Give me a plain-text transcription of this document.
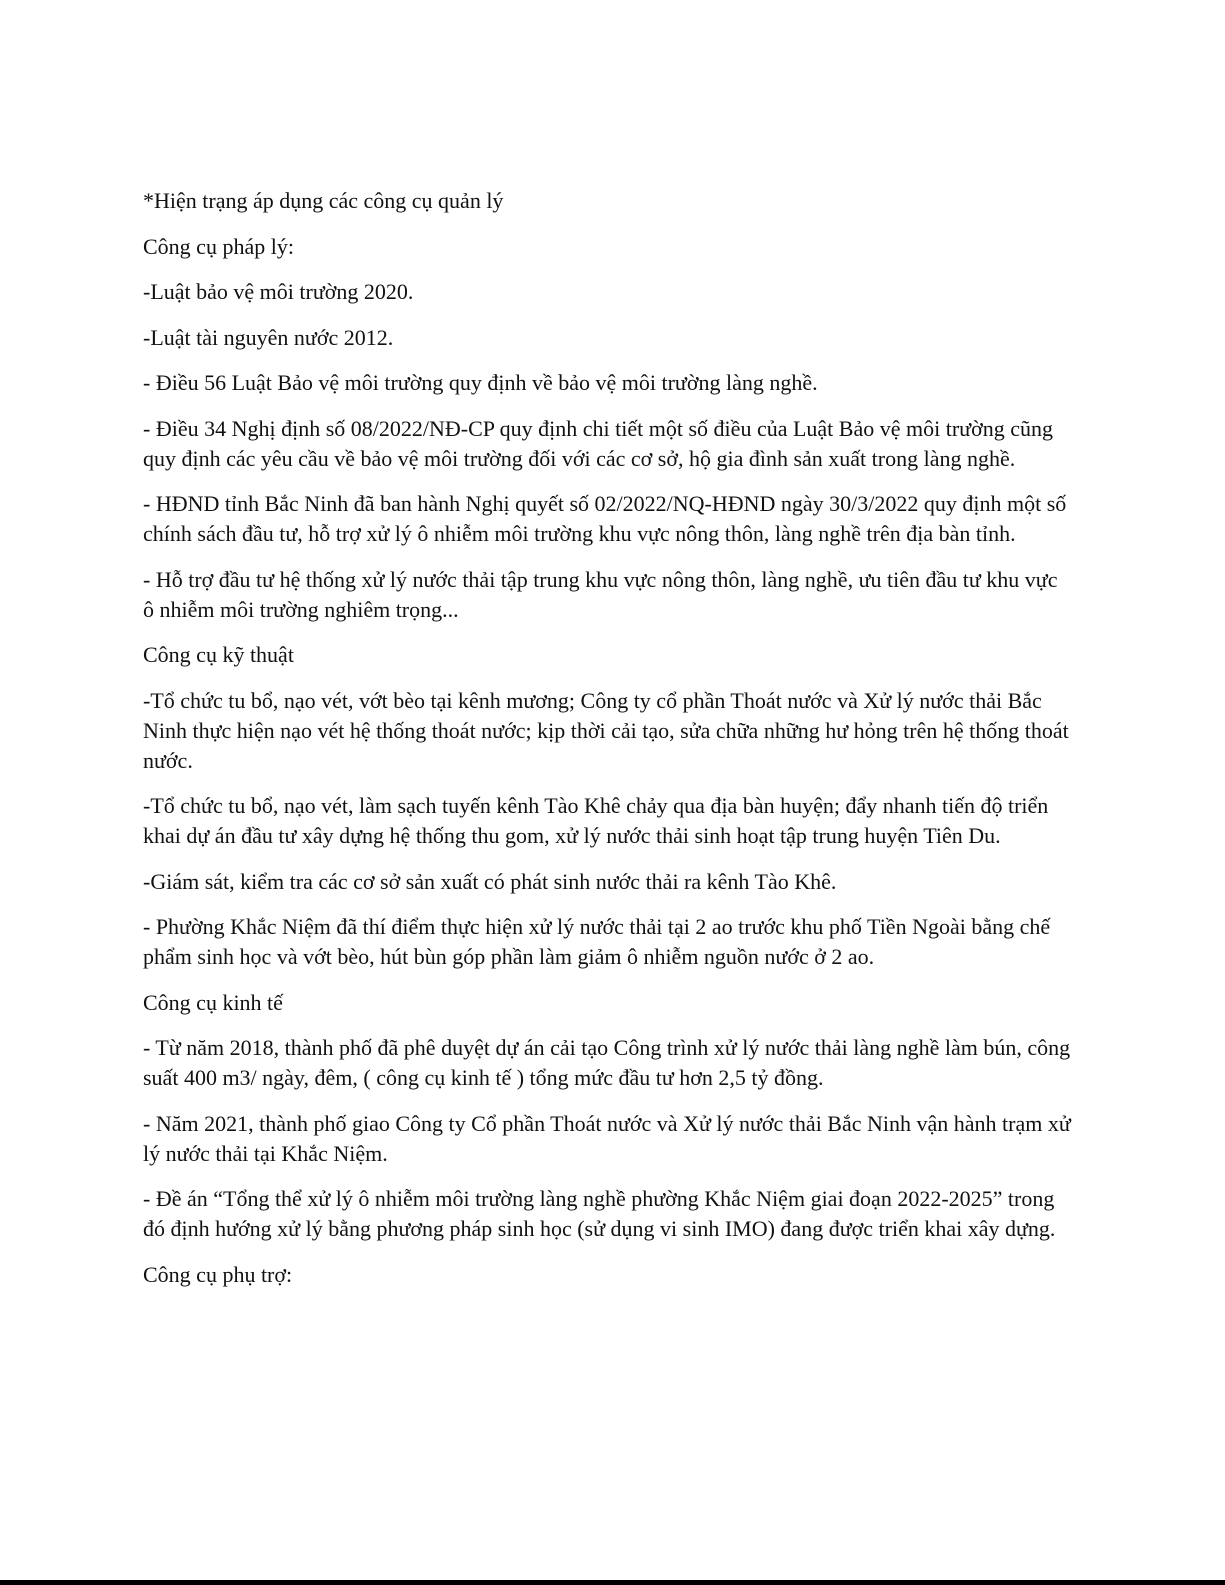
*Hiện trạng áp dụng các công cụ quản lý

Công cụ pháp lý:

-Luật bảo vệ môi trường 2020.

-Luật tài nguyên nước 2012.

- Điều 56 Luật Bảo vệ môi trường quy định về bảo vệ môi trường làng nghề.

- Điều 34 Nghị định số 08/2022/NĐ-CP quy định chi tiết một số điều của Luật Bảo vệ môi trường cũng quy định các yêu cầu về bảo vệ môi trường đối với các cơ sở, hộ gia đình sản xuất trong làng nghề.

- HĐND tỉnh Bắc Ninh đã ban hành Nghị quyết số 02/2022/NQ-HĐND ngày 30/3/2022 quy định một số chính sách đầu tư, hỗ trợ xử lý ô nhiễm môi trường khu vực nông thôn, làng nghề trên địa bàn tỉnh.

- Hỗ trợ đầu tư hệ thống xử lý nước thải tập trung khu vực nông thôn, làng nghề, ưu tiên đầu tư khu vực ô nhiễm môi trường nghiêm trọng...

Công cụ kỹ thuật

-Tổ chức tu bổ, nạo vét, vớt bèo tại kênh mương; Công ty cổ phần Thoát nước và Xử lý nước thải Bắc Ninh thực hiện nạo vét hệ thống thoát nước; kịp thời cải tạo, sửa chữa những hư hỏng trên hệ thống thoát nước.

-Tổ chức tu bổ, nạo vét, làm sạch tuyến kênh Tào Khê chảy qua địa bàn huyện; đẩy nhanh tiến độ triển khai dự án đầu tư xây dựng hệ thống thu gom, xử lý nước thải sinh hoạt tập trung huyện Tiên Du.

-Giám sát, kiểm tra các cơ sở sản xuất có phát sinh nước thải ra kênh Tào Khê.

- Phường Khắc Niệm đã thí điểm thực hiện xử lý nước thải tại 2 ao trước khu phố Tiền Ngoài bằng chế phẩm sinh học và vớt bèo, hút bùn góp phần làm giảm ô nhiễm nguồn nước ở 2 ao.

Công cụ kinh tế

- Từ năm 2018, thành phố đã phê duyệt dự án cải tạo Công trình xử lý nước thải làng nghề làm bún, công suất 400 m3/ ngày, đêm, ( công cụ kinh tế ) tổng mức đầu tư hơn 2,5 tỷ đồng.

- Năm 2021, thành phố giao Công ty Cổ phần Thoát nước và Xử lý nước thải Bắc Ninh vận hành trạm xử lý nước thải tại Khắc Niệm.

- Đề án “Tổng thể xử lý ô nhiễm môi trường làng nghề phường Khắc Niệm giai đoạn 2022-2025” trong đó định hướng xử lý bằng phương pháp sinh học (sử dụng vi sinh IMO) đang được triển khai xây dựng.

Công cụ phụ trợ:
